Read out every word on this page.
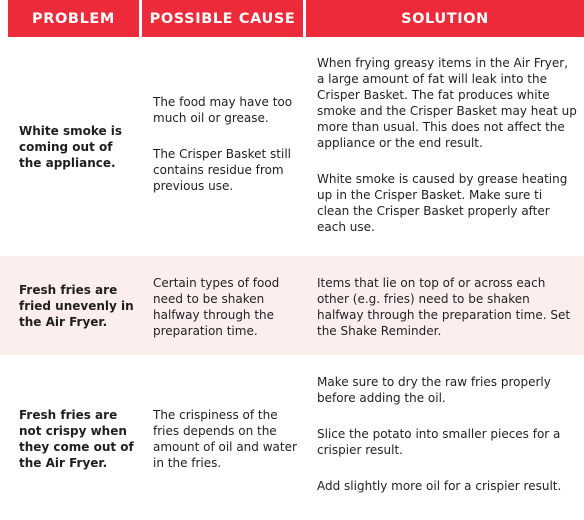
PROBLEM POSSIBLE CAUSE	SOLUTION

White smoke is coming out of the appliance.

The food may have too much oil or grease.

The Crisper Basket still contains residue from previous use.

When frying greasy items in the Air Fryer, a large amount of fat will leak into the Crisper Basket. The fat produces white smoke and the Crisper Basket may heat up more than usual. This does not affect the appliance or the end result.

White smoke is caused by grease heating up in the Crisper Basket. Make sure ti clean the Crisper Basket properly after each use.

Fresh fries are fried unevenly in the Air Fryer.

Certain types of food need to be shaken halfway through the preparation time.

Items that lie on top of or across each other (e.g. fries) need to be shaken halfway through the preparation time. Set the Shake Reminder.

Fresh fries are not crispy when they come out of the Air Fryer.

The crispiness of the fries depends on the amount of oil and water in the fries.

Make sure to dry the raw fries properly before adding the oil.

Slice the potato into smaller pieces for a crispier result.

Add slightly more oil for a crispier result.
